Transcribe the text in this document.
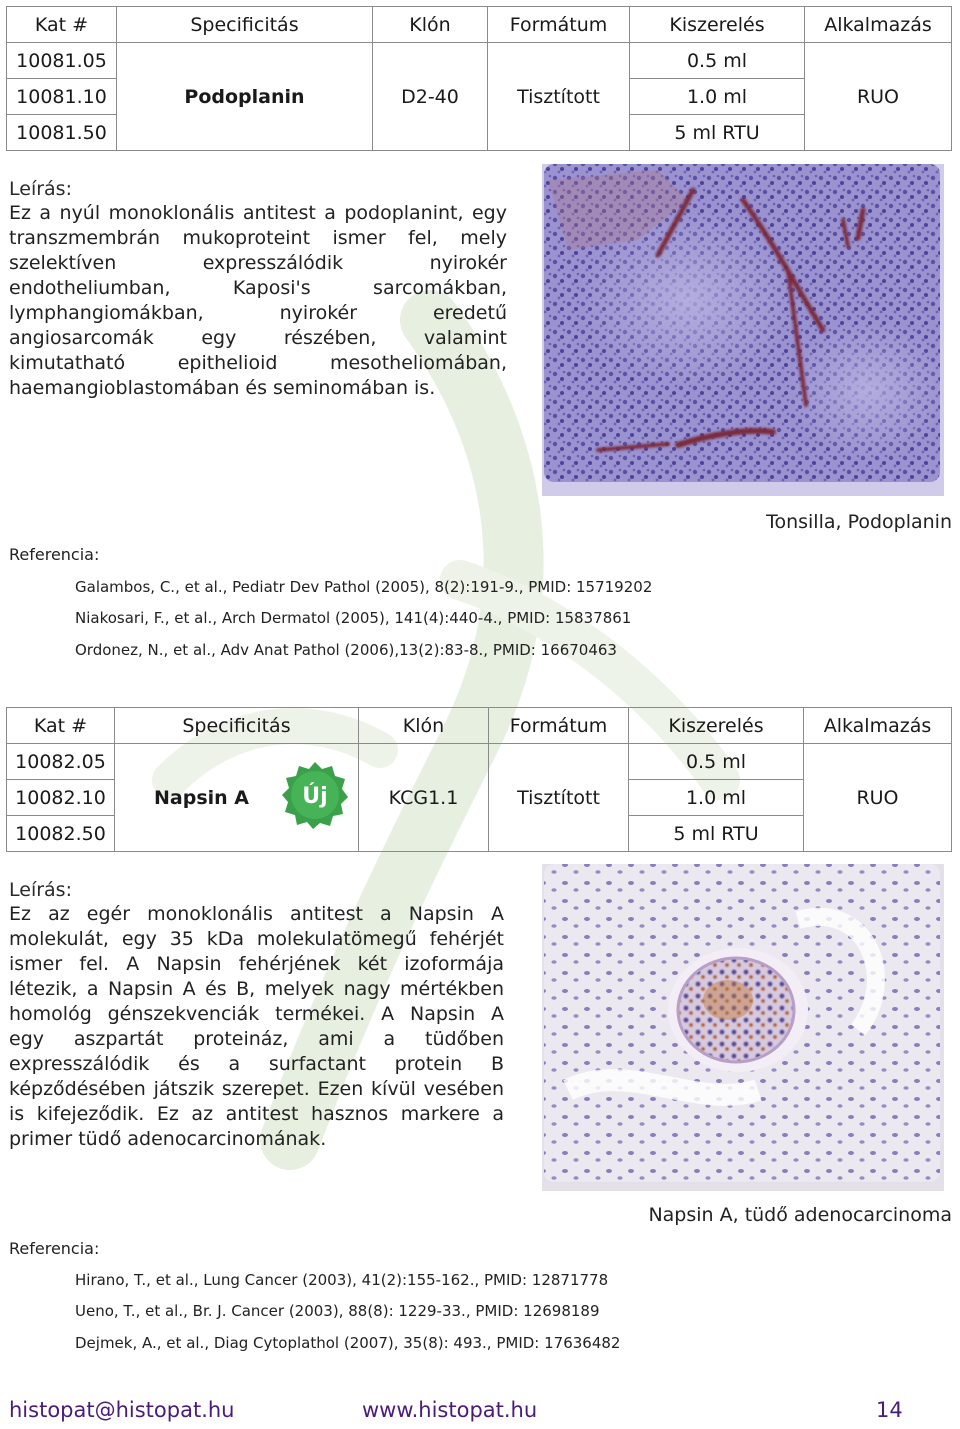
Kat #	Specificitás	Klón	Formátum	Kiszerelés	Alkalmazás
10081.05				0.5 ml	
10081.10	Podoplanin	D2-40	Tisztított	1.0 ml	RUO
10081.50				5 ml RTU	
Leírás:
Ez a nyúl monoklonális antitest a podoplanint, egy
transzmembrán mukoproteint ismer fel, mely
szelektíven expresszálódik nyirokér
endotheliumban, Kaposi's sarcomákban,
lymphangiomákban, nyirokér eredetű
angiosarcomák egy részében, valamint
kimutatható epithelioid mesotheliomában,
haemangioblastomában és seminomában is.
Tonsilla, Podoplanin
Referencia:
Galambos, C., et al., Pediatr Dev Pathol (2005), 8(2):191-9., PMID: 15719202
Niakosari, F., et al., Arch Dermatol (2005), 141(4):440-4., PMID: 15837861
Ordonez, N., et al., Adv Anat Pathol (2006),13(2):83-8., PMID: 16670463
Kat #	Specificitás	Klón	Formátum	Kiszerelés	Alkalmazás
10082.05				0.5 ml	
10082.10	Napsin A	KCG1.1	Tisztított	1.0 ml	RUO
10082.50				5 ml RTU	
Új
Leírás:
Ez az egér monoklonális antitest a Napsin A
molekulát, egy 35 kDa molekulatömegű fehérjét
ismer fel. A Napsin fehérjének két izoformája
létezik, a Napsin A és B, melyek nagy mértékben
homológ génszekvenciák termékei. A Napsin A
egy aszpartát proteináz, ami a tüdőben
expresszálódik és a surfactant protein B
képződésében játszik szerepet. Ezen kívül vesében
is kifejeződik. Ez az antitest hasznos markere a
primer tüdő adenocarcinomának.
Napsin A, tüdő adenocarcinoma
Referencia:
Hirano, T., et al., Lung Cancer (2003), 41(2):155-162., PMID: 12871778
Ueno, T., et al., Br. J. Cancer (2003), 88(8): 1229-33., PMID: 12698189
Dejmek, A., et al., Diag Cytoplathol (2007), 35(8): 493., PMID: 17636482
histopat@histopat.hu	www.histopat.hu	14
